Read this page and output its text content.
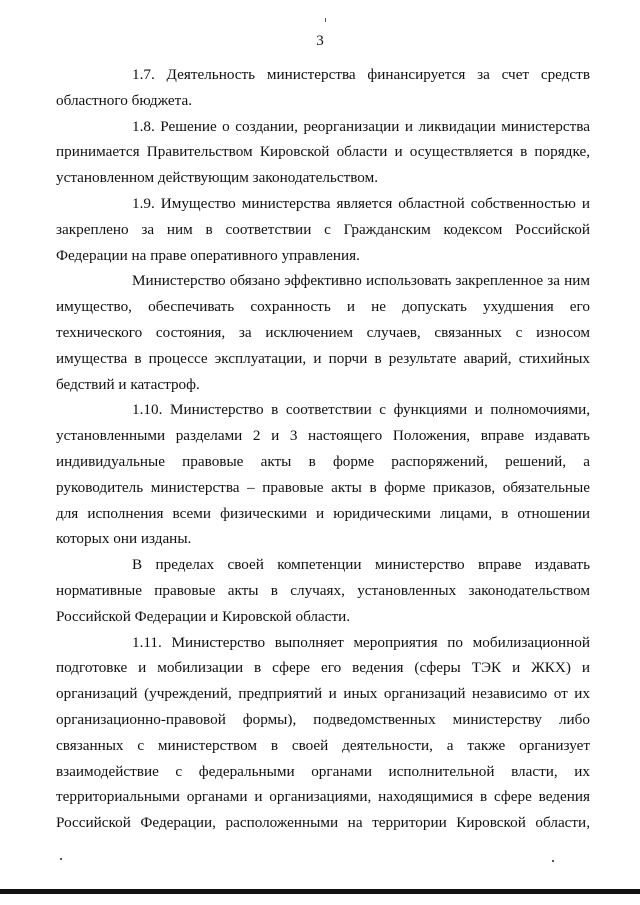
3

1.7. Деятельность министерства финансируется за счет средств
областного бюджета.

1.8. Решение о создании, реорганизации и ликвидации министерства
принимается Правительством Кировской области и осуществляется в порядке,
установленном действующим законодательством.

1.9. Имущество министерства является областной собственностью и
закреплено за ним в соответствии с Гражданским кодексом Российской
Федерации на праве оперативного управления.

Министерство обязано эффективно использовать закрепленное за ним
имущество, обеспечивать сохранность и не допускать ухудшения его
технического состояния, за исключением случаев, связанных с износом
имущества в процессе эксплуатации, и порчи в результате аварий, стихийных
бедствий и катастроф.

1.10. Министерство в соответствии с функциями и полномочиями,
установленными разделами 2 и 3 настоящего Положения, вправе издавать
индивидуальные правовые акты в форме распоряжений, решений, а
руководитель министерства – правовые акты в форме приказов, обязательные
для исполнения всеми физическими и юридическими лицами, в отношении
которых они изданы.

В пределах своей компетенции министерство вправе издавать
нормативные правовые акты в случаях, установленных законодательством
Российской Федерации и Кировской области.

1.11. Министерство выполняет мероприятия по мобилизационной
подготовке и мобилизации в сфере его ведения (сферы ТЭК и ЖКХ) и
организаций (учреждений, предприятий и иных организаций независимо от их
организационно-правовой формы), подведомственных министерству либо
связанных с министерством в своей деятельности, а также организует
взаимодействие с федеральными органами исполнительной власти, их
территориальными органами и организациями, находящимися в сфере ведения
Российской Федерации, расположенными на территории Кировской области,
